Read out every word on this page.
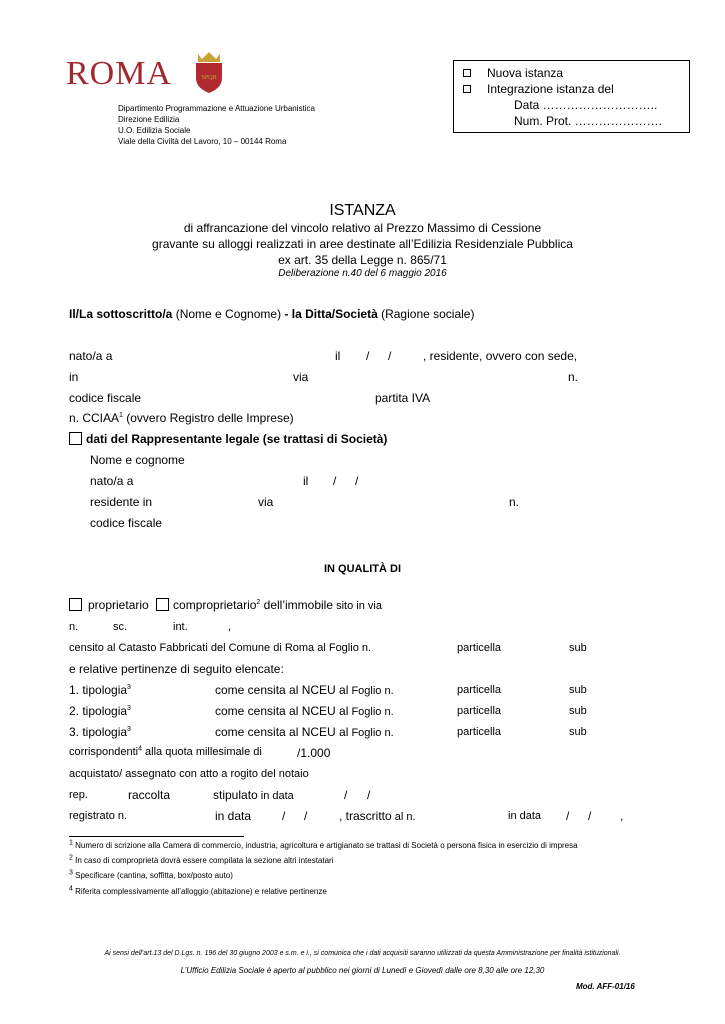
ROMA	SPQR
Dipartimento Programmazione e Attuazione Urbanistica
Direzione Edilizia
U.O. Edilizia Sociale
Viale della Civiltà del Lavoro, 10 – 00144 Roma
Nuova istanza
Integrazione istanza del
Data ………………………..
Num. Prot. ………………….
ISTANZA
di affrancazione del vincolo relativo al Prezzo Massimo di Cessione
gravante su alloggi realizzati in aree destinate all’Edilizia Residenziale Pubblica
ex art. 35 della Legge n. 865/71
Deliberazione n.40 del 6 maggio 2016
Il/La sottoscritto/a (Nome e Cognome) - la Ditta/Società (Ragione sociale)
nato/a a	il / /	, residente, ovvero con sede,
in	via	n.
codice fiscale	partita IVA
n. CCIAA$^1$ (ovvero Registro delle Imprese)
dati del Rappresentante legale (se trattasi di Società)
Nome e cognome
nato/a a	il / /
residente in	via	n.
codice fiscale
IN QUALITÀ DI
proprietario comproprietario$^2$ dell’immobile sito in via
n.	sc.	int.	,
censito al Catasto Fabbricati del Comune di Roma al Foglio n.	particella	sub
e relative pertinenze di seguito elencate:
1. tipologia$^3$	come censita al NCEU al Foglio n.	particella	sub
2. tipologia$^3$	come censita al NCEU al Foglio n.	particella	sub
3. tipologia$^3$	come censita al NCEU al Foglio n.	particella	sub
corrispondenti$^4$ alla quota millesimale di	/1.000
acquistato/ assegnato con atto a rogito del notaio
rep.	raccolta	stipulato in data	/ /
registrato n.	in data	/ /	, trascritto al n.	in data / / ,
$^1$ Numero di scrizione alla Camera di commercio, industria, agricoltura e artigianato se trattasi di Società o persona fisica in esercizio di impresa
$^2$ In caso di comproprietà dovrà essere compilata la sezione altri intestatari
$^3$ Specificare (cantina, soffitta, box/posto auto)
$^4$ Riferita complessivamente all’alloggio (abitazione) e relative pertinenze
Ai sensi dell’art.13 del D.Lgs. n. 196 del 30 giugno 2003 e s.m. e i., si comunica che i dati acquisiti saranno utilizzati da questa Amministrazione per finalità istituzionali.
L’Ufficio Edilizia Sociale è aperto al pubblico nei giorni di Lunedì e Giovedì dalle ore 8,30 alle ore 12,30
Mod. AFF-01/16
